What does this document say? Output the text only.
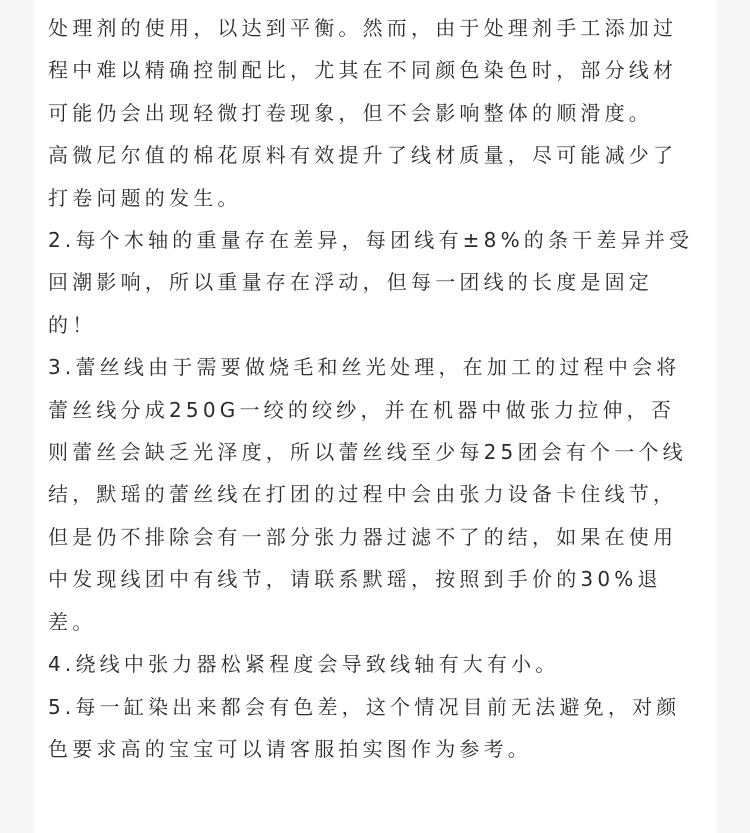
处理剂的使用，以达到平衡。然而，由于处理剂手工添加过程中难以精确控制配比，尤其在不同颜色染色时，部分线材可能仍会出现轻微打卷现象，但不会影响整体的顺滑度。

高微尼尔值的棉花原料有效提升了线材质量，尽可能减少了打卷问题的发生。

2.每个木轴的重量存在差异，每团线有±8%的条干差异并受回潮影响，所以重量存在浮动，但每一团线的长度是固定的！

3.蕾丝线由于需要做烧毛和丝光处理，在加工的过程中会将蕾丝线分成250G一绞的绞纱，并在机器中做张力拉伸，否则蕾丝会缺乏光泽度，所以蕾丝线至少每25团会有个一个线结，默瑶的蕾丝线在打团的过程中会由张力设备卡住线节，但是仍不排除会有一部分张力器过滤不了的结，如果在使用中发现线团中有线节，请联系默瑶，按照到手价的30%退差。

4.绕线中张力器松紧程度会导致线轴有大有小。

5.每一缸染出来都会有色差，这个情况目前无法避免，对颜色要求高的宝宝可以请客服拍实图作为参考。
